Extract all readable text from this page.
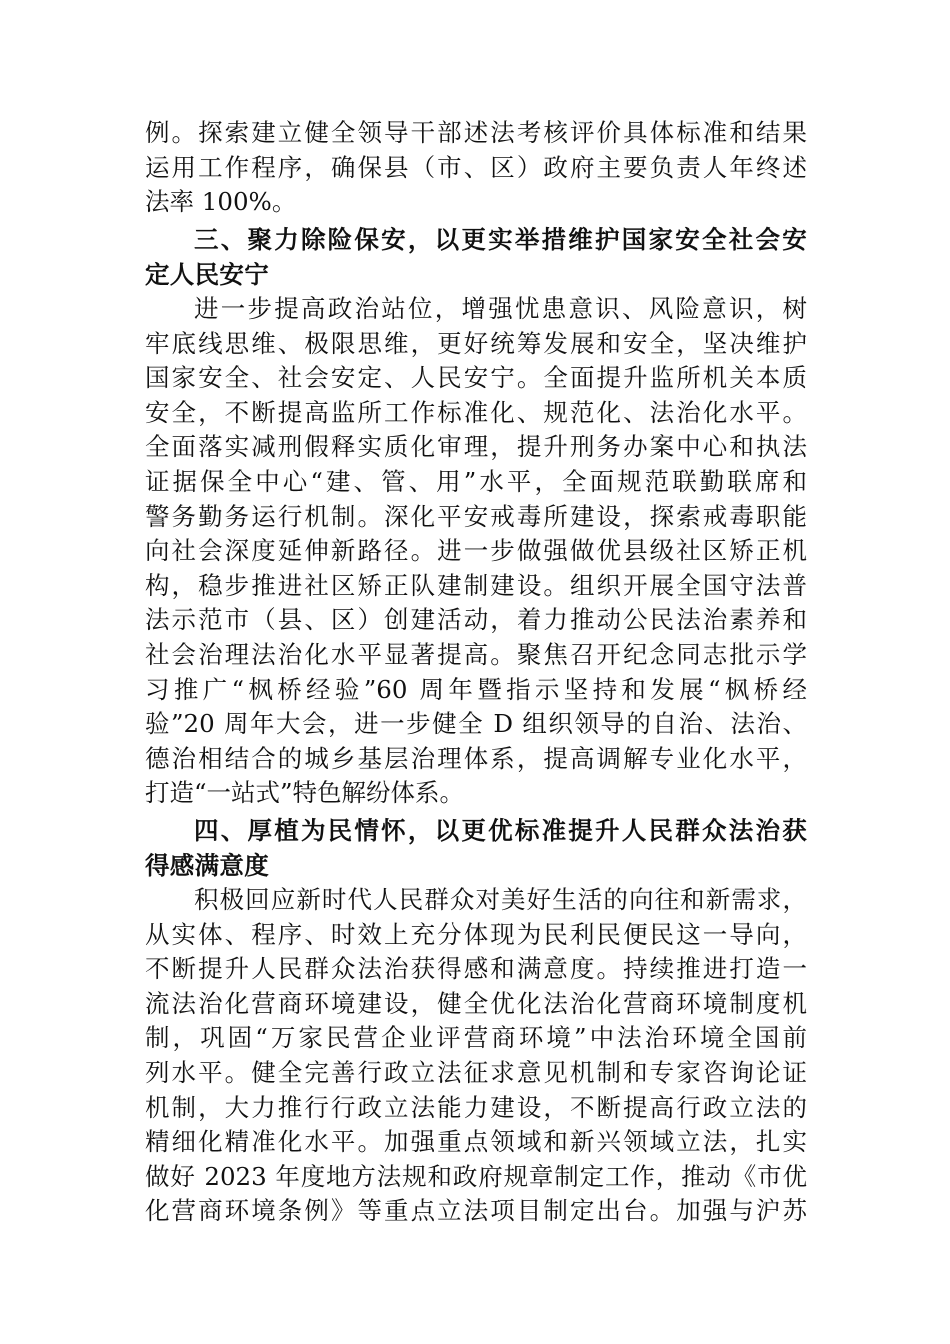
例。探索建立健全领导干部述法考核评价具体标准和结果
运用工作程序，确保县（市、区）政府主要负责人年终述
法率 100%。
三、聚力除险保安，以更实举措维护国家安全社会安
定人民安宁
进一步提高政治站位，增强忧患意识、风险意识，树
牢底线思维、极限思维，更好统筹发展和安全，坚决维护
国家安全、社会安定、人民安宁。全面提升监所机关本质
安全，不断提高监所工作标准化、规范化、法治化水平。
全面落实减刑假释实质化审理，提升刑务办案中心和执法
证据保全中心“建、管、用”水平，全面规范联勤联席和
警务勤务运行机制。深化平安戒毒所建设，探索戒毒职能
向社会深度延伸新路径。进一步做强做优县级社区矫正机
构，稳步推进社区矫正队建制建设。组织开展全国守法普
法示范市（县、区）创建活动，着力推动公民法治素养和
社会治理法治化水平显著提高。聚焦召开纪念同志批示学
习推广“枫桥经验”60 周年暨指示坚持和发展“枫桥经
验”20 周年大会，进一步健全 D 组织领导的自治、法治、
德治相结合的城乡基层治理体系，提高调解专业化水平，
打造“一站式”特色解纷体系。
四、厚植为民情怀，以更优标准提升人民群众法治获
得感满意度
积极回应新时代人民群众对美好生活的向往和新需求，
从实体、程序、时效上充分体现为民利民便民这一导向，
不断提升人民群众法治获得感和满意度。持续推进打造一
流法治化营商环境建设，健全优化法治化营商环境制度机
制，巩固“万家民营企业评营商环境”中法治环境全国前
列水平。健全完善行政立法征求意见机制和专家咨询论证
机制，大力推行行政立法能力建设，不断提高行政立法的
精细化精准化水平。加强重点领域和新兴领域立法，扎实
做好 2023 年度地方法规和政府规章制定工作，推动《市优
化营商环境条例》等重点立法项目制定出台。加强与沪苏
